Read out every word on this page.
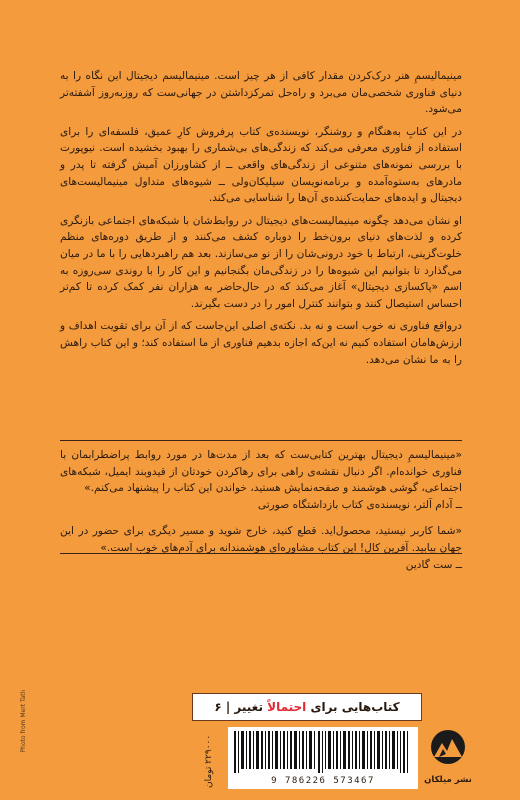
مینیمالیسمِ هنر درک‌کردن مقدار کافی از هر چیز است. مینیمالیسم دیجیتال این نگاه را به دنیای فناوری شخصی‌مان می‌برد و راه‌حل تمرکزداشتن در جهانی‌ست که روزبه‌روز آشفته‌تر می‌شود.

در این کتابِ به‌هنگام و روشنگر، نویسنده‌ی کتاب پرفروش کارِ عمیق، فلسفه‌ای را برای استفاده از فناوری معرفی می‌کند که زندگی‌های بی‌شماری را بهبود بخشیده است. نیوپورت با بررسی نمونه‌های متنوعی از زندگی‌های واقعی ــ از کشاورزان آمیش گرفته تا پدر و مادرهای به‌ستوه‌آمده و برنامه‌نویسان سیلیکان‌ولی ــ شیوه‌های متداول مینیمالیست‌های دیجیتال و ایده‌های حمایت‌کننده‌ی آن‌ها را شناسایی می‌کند.

او نشان می‌دهد چگونه مینیمالیست‌های دیجیتال در روابط‌شان با شبکه‌های اجتماعی بازنگری کرده و لذت‌های دنیای برون‌خط را دوباره کشف می‌کنند و از طریق دوره‌های منظم خلوت‌گزینی، ارتباط با خود درونی‌شان را از نو می‌سازند. بعد هم راهبردهایی را با ما در میان می‌گذارد تا بتوانیم این شیوه‌ها را در زندگی‌مان بگنجانیم و این کار را با روندی سی‌روزه به اسم «پاکسازی دیجیتال» آغاز می‌کند که در حال‌حاضر به هزاران نفر کمک کرده تا کم‌تر احساس استیصال کنند و بتوانند کنترل امور را در دست بگیرند.

درواقع فناوری نه خوب است و نه بد. نکته‌ی اصلی این‌جاست که از آن برای تقویت اهداف و ارزش‌هامان استفاده کنیم نه این‌که اجازه بدهیم فناوری از ما استفاده کند؛ و این کتاب راهش را به ما نشان می‌دهد.

«مینیمالیسمِ دیجیتال بهترین کتابی‌ست که بعد از مدت‌ها در مورد روابط پراضطرابمان با فناوری خوانده‌ام. اگر دنبال نقشه‌ی راهی برای رهاکردن خودتان از قیدوبند ایمیل، شبکه‌های اجتماعی، گوشی هوشمند و صفحه‌نمایش هستید، خواندن این کتاب را پیشنهاد می‌کنم.»

ــ آدام آلتر، نویسنده‌ی کتاب بازداشتگاه صورتی

«شما کاربر نیستید، محصول‌اید. قطع کنید، خارج شوید و مسیر دیگری برای حضور در این جهان بیابید. آفرین کال! این کتاب مشاوره‌ای هوشمندانه برای آدم‌های خوب است.»

ــ ست گادین

کتاب‌هایی برای احتمالاً تغییر | ۶
۲۲۹۰۰۰ تومان
9 786226 573467	نشر میلکان
Photo from Mert Tatlı
